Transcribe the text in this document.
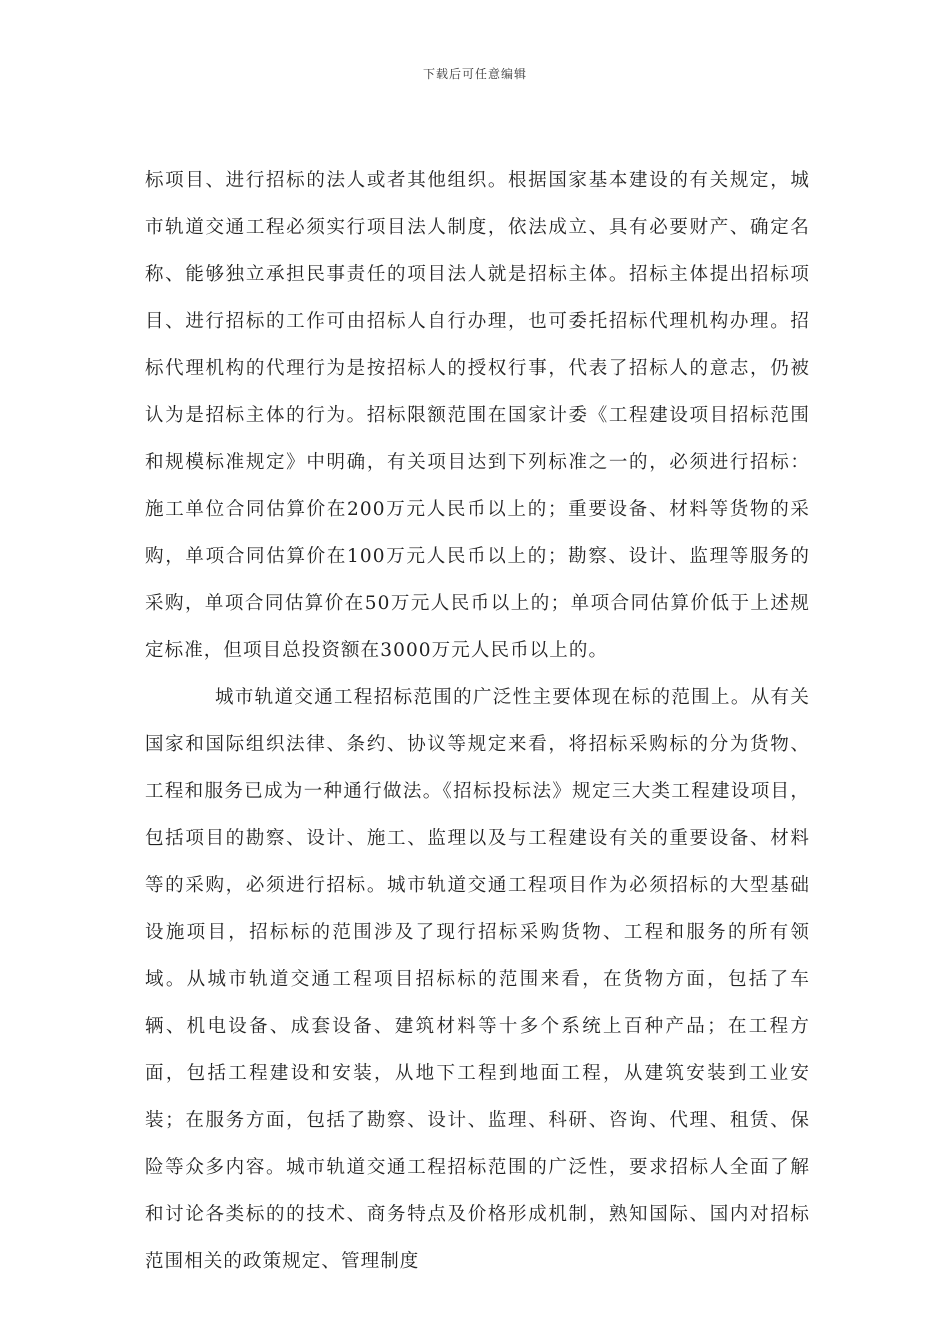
下载后可任意编辑

标项目、进行招标的法人或者其他组织。根据国家基本建设的有关规定，城市轨道交通工程必须实行项目法人制度，依法成立、具有必要财产、确定名称、能够独立承担民事责任的项目法人就是招标主体。招标主体提出招标项目、进行招标的工作可由招标人自行办理，也可委托招标代理机构办理。招标代理机构的代理行为是按招标人的授权行事，代表了招标人的意志，仍被认为是招标主体的行为。招标限额范围在国家计委《工程建设项目招标范围和规模标准规定》中明确，有关项目达到下列标准之一的，必须进行招标：施工单位合同估算价在200万元人民币以上的；重要设备、材料等货物的采购，单项合同估算价在100万元人民币以上的；勘察、设计、监理等服务的采购，单项合同估算价在50万元人民币以上的；单项合同估算价低于上述规定标准，但项目总投资额在3000万元人民币以上的。

城市轨道交通工程招标范围的广泛性主要体现在标的范围上。从有关国家和国际组织法律、条约、协议等规定来看，将招标采购标的分为货物、工程和服务已成为一种通行做法。《招标投标法》规定三大类工程建设项目，包括项目的勘察、设计、施工、监理以及与工程建设有关的重要设备、材料等的采购，必须进行招标。城市轨道交通工程项目作为必须招标的大型基础设施项目，招标标的范围涉及了现行招标采购货物、工程和服务的所有领域。从城市轨道交通工程项目招标标的范围来看，在货物方面，包括了车辆、机电设备、成套设备、建筑材料等十多个系统上百种产品；在工程方面，包括工程建设和安装，从地下工程到地面工程，从建筑安装到工业安装；在服务方面，包括了勘察、设计、监理、科研、咨询、代理、租赁、保险等众多内容。城市轨道交通工程招标范围的广泛性，要求招标人全面了解和讨论各类标的的技术、商务特点及价格形成机制，熟知国际、国内对招标范围相关的政策规定、管理制度
